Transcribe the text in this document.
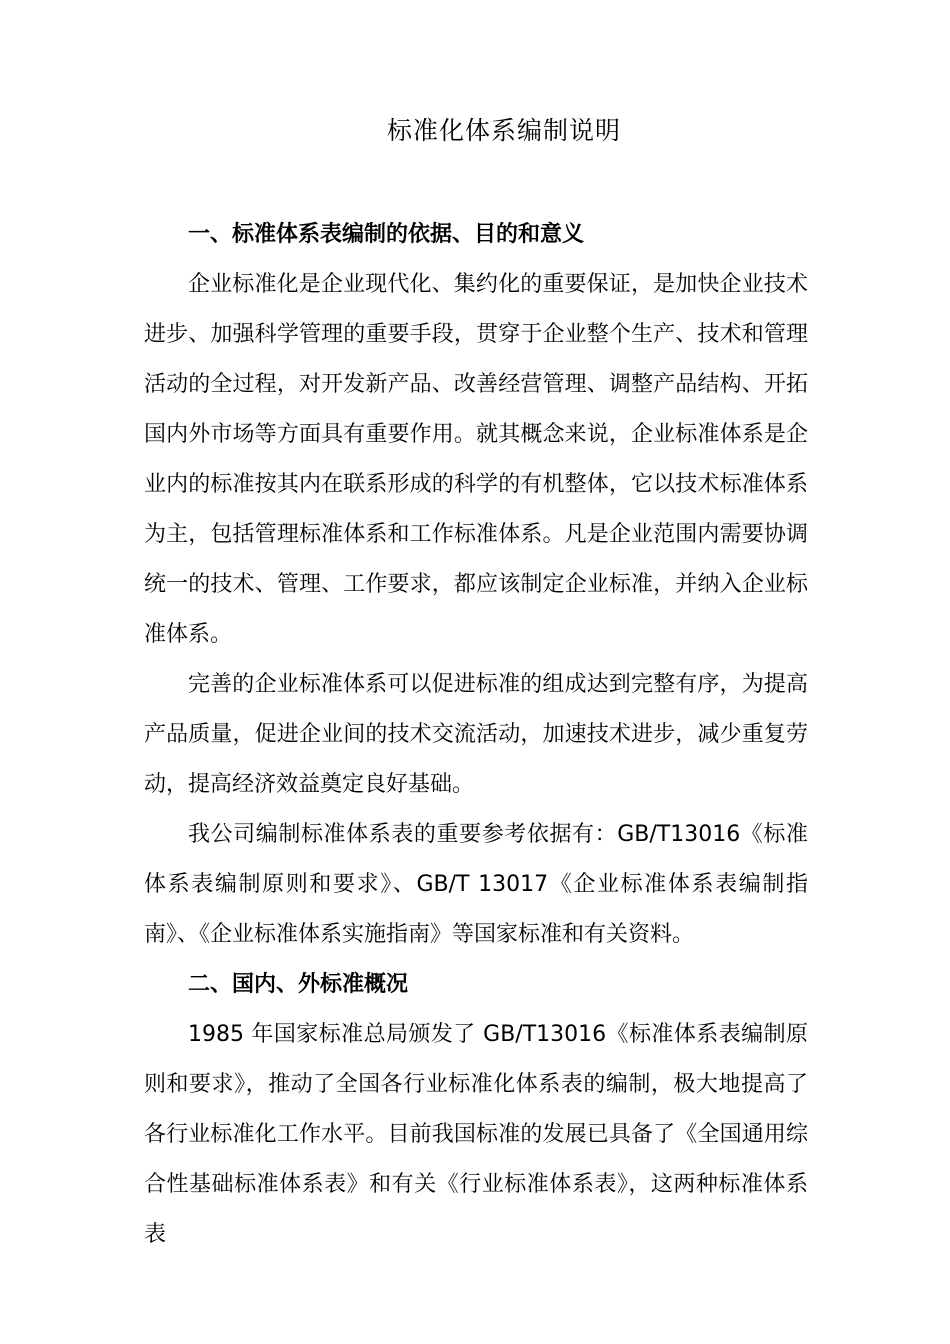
标准化体系编制说明
一、标准体系表编制的依据、目的和意义

企业标准化是企业现代化、集约化的重要保证，是加快企业技术进步、加强科学管理的重要手段，贯穿于企业整个生产、技术和管理活动的全过程，对开发新产品、改善经营管理、调整产品结构、开拓国内外市场等方面具有重要作用。就其概念来说，企业标准体系是企业内的标准按其内在联系形成的科学的有机整体，它以技术标准体系为主，包括管理标准体系和工作标准体系。凡是企业范围内需要协调统一的技术、管理、工作要求，都应该制定企业标准，并纳入企业标准体系。

完善的企业标准体系可以促进标准的组成达到完整有序，为提高产品质量，促进企业间的技术交流活动，加速技术进步，减少重复劳动，提高经济效益奠定良好基础。

我公司编制标准体系表的重要参考依据有：GB/T13016《标准体系表编制原则和要求》、GB/T 13017《企业标准体系表编制指南》、《企业标准体系实施指南》等国家标准和有关资料。

二、国内、外标准概况

1985 年国家标准总局颁发了 GB/T13016《标准体系表编制原则和要求》，推动了全国各行业标准化体系表的编制，极大地提高了各行业标准化工作水平。目前我国标准的发展已具备了《全国通用综合性基础标准体系表》和有关《行业标准体系表》，这两种标准体系表
